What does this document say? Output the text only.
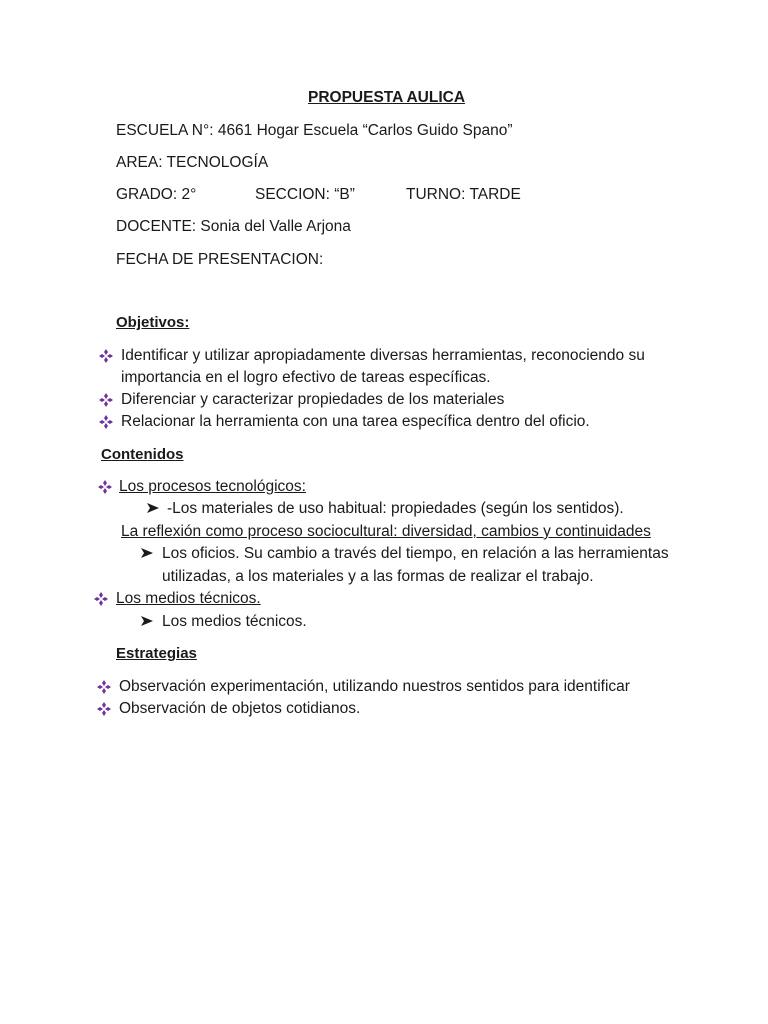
PROPUESTA AULICA
ESCUELA N°: 4661 Hogar Escuela “Carlos Guido Spano”
AREA: TECNOLOGÍA
GRADO: 2°	SECCION: “B”	TURNO: TARDE
DOCENTE: Sonia del Valle Arjona
FECHA DE PRESENTACION:
Objetivos:
Identificar y utilizar apropiadamente diversas herramientas, reconociendo su
importancia en el logro efectivo de tareas específicas.
Diferenciar y caracterizar propiedades de los materiales
Relacionar la herramienta con una tarea específica dentro del oficio.
Contenidos
Los procesos tecnológicos:
-Los materiales de uso habitual: propiedades (según los sentidos).
La reflexión como proceso sociocultural: diversidad, cambios y continuidades
Los oficios. Su cambio a través del tiempo, en relación a las herramientas
utilizadas, a los materiales y a las formas de realizar el trabajo.
Los medios técnicos.
Los medios técnicos.
Estrategias
Observación experimentación, utilizando nuestros sentidos para identificar
Observación de objetos cotidianos.
